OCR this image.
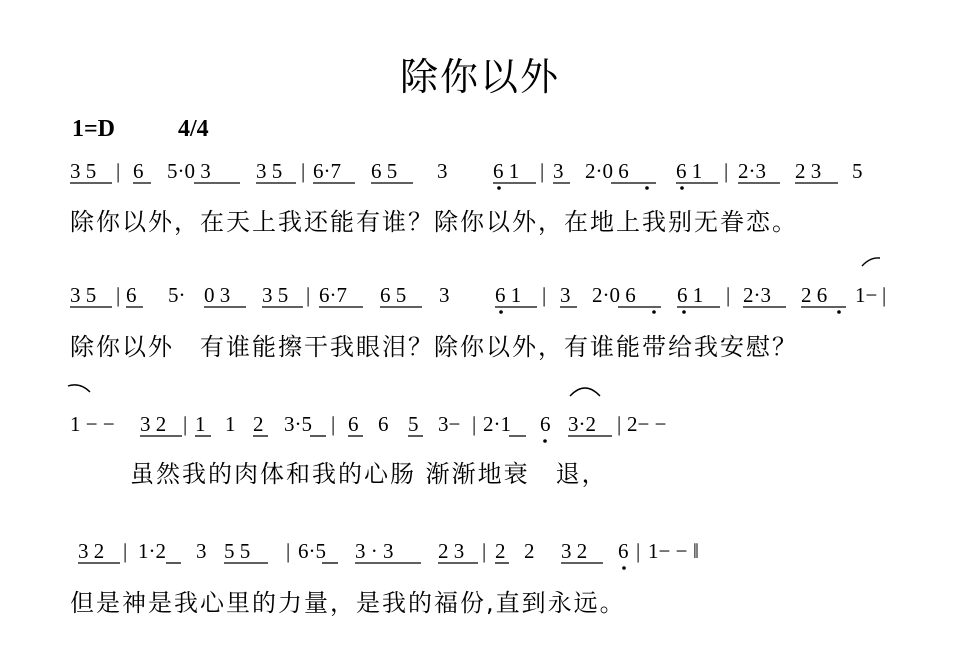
除你以外
1=D	4/4
3 5 | 6 5·0 3 3 5 | 6·7 6 5 3 6 1 | 3 2·0 6 6 1 | 2·3 2 3 5
3 5 | 6 5· 0 3 3 5 | 6·7 6 5 3 6 1 | 3 2·0 6 6 1 | 2·3 2 6 1− |
1 − − 3 2 | 1 1 2 3·5 | 6 6 5 3− | 2·1 6 3·2 | 2− −
3 2 | 1·2 3 5 5 | 6·5 3 · 3 2 3 | 2 2 3 2 6 | 1− − ‖
除你以外，在天上我还能有谁？除你以外，在地上我别无眷恋。
除你以外　有谁能擦干我眼泪？除你以外，有谁能带给我安慰？
虽然我的肉体和我的心肠 渐渐地衰　退，
但是神是我心里的力量，是我的福份,直到永远。
